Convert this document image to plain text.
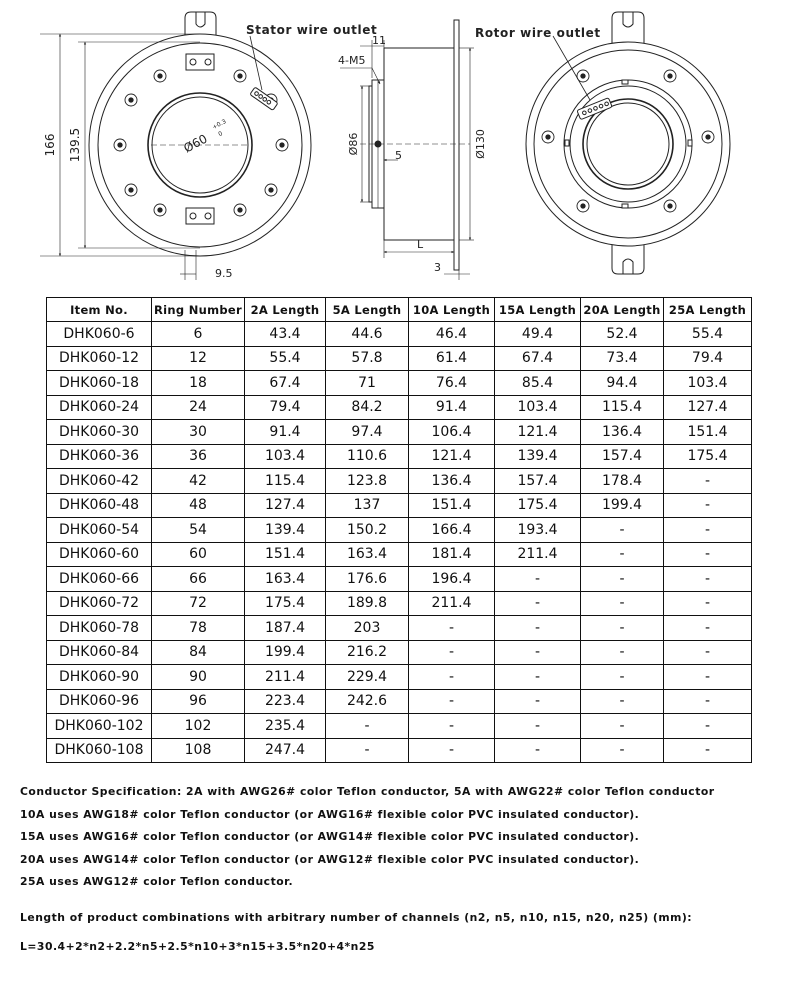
Stator wire outlet
166 139.5
9.5
Ø60
+0.3
0
11
4-M5
Ø86
5	Ø130
L
3
Rotor wire outlet
Item No.	Ring Number	2A Length	5A Length	10A Length	15A Length	20A Length	25A Length
DHK060-6	6	43.4	44.6	46.4	49.4	52.4	55.4
DHK060-12	12	55.4	57.8	61.4	67.4	73.4	79.4
DHK060-18	18	67.4	71	76.4	85.4	94.4	103.4
DHK060-24	24	79.4	84.2	91.4	103.4	115.4	127.4
DHK060-30	30	91.4	97.4	106.4	121.4	136.4	151.4
DHK060-36	36	103.4	110.6	121.4	139.4	157.4	175.4
DHK060-42	42	115.4	123.8	136.4	157.4	178.4	-
DHK060-48	48	127.4	137	151.4	175.4	199.4	-
DHK060-54	54	139.4	150.2	166.4	193.4	-	-
DHK060-60	60	151.4	163.4	181.4	211.4	-	-
DHK060-66	66	163.4	176.6	196.4	-	-	-
DHK060-72	72	175.4	189.8	211.4	-	-	-
DHK060-78	78	187.4	203	-	-	-	-
DHK060-84	84	199.4	216.2	-	-	-	-
DHK060-90	90	211.4	229.4	-	-	-	-
DHK060-96	96	223.4	242.6	-	-	-	-
DHK060-102	102	235.4	-	-	-	-	-
DHK060-108	108	247.4	-	-	-	-	-

Conductor Specification: 2A with AWG26# color Teflon conductor, 5A with AWG22# color Teflon conductor

10A uses AWG18# color Teflon conductor (or AWG16# flexible color PVC insulated conductor).

15A uses AWG16# color Teflon conductor (or AWG14# flexible color PVC insulated conductor).

20A uses AWG14# color Teflon conductor (or AWG12# flexible color PVC insulated conductor).

25A uses AWG12# color Teflon conductor.

Length of product combinations with arbitrary number of channels (n2, n5, n10, n15, n20, n25) (mm):
L=30.4+2*n2+2.2*n5+2.5*n10+3*n15+3.5*n20+4*n25
